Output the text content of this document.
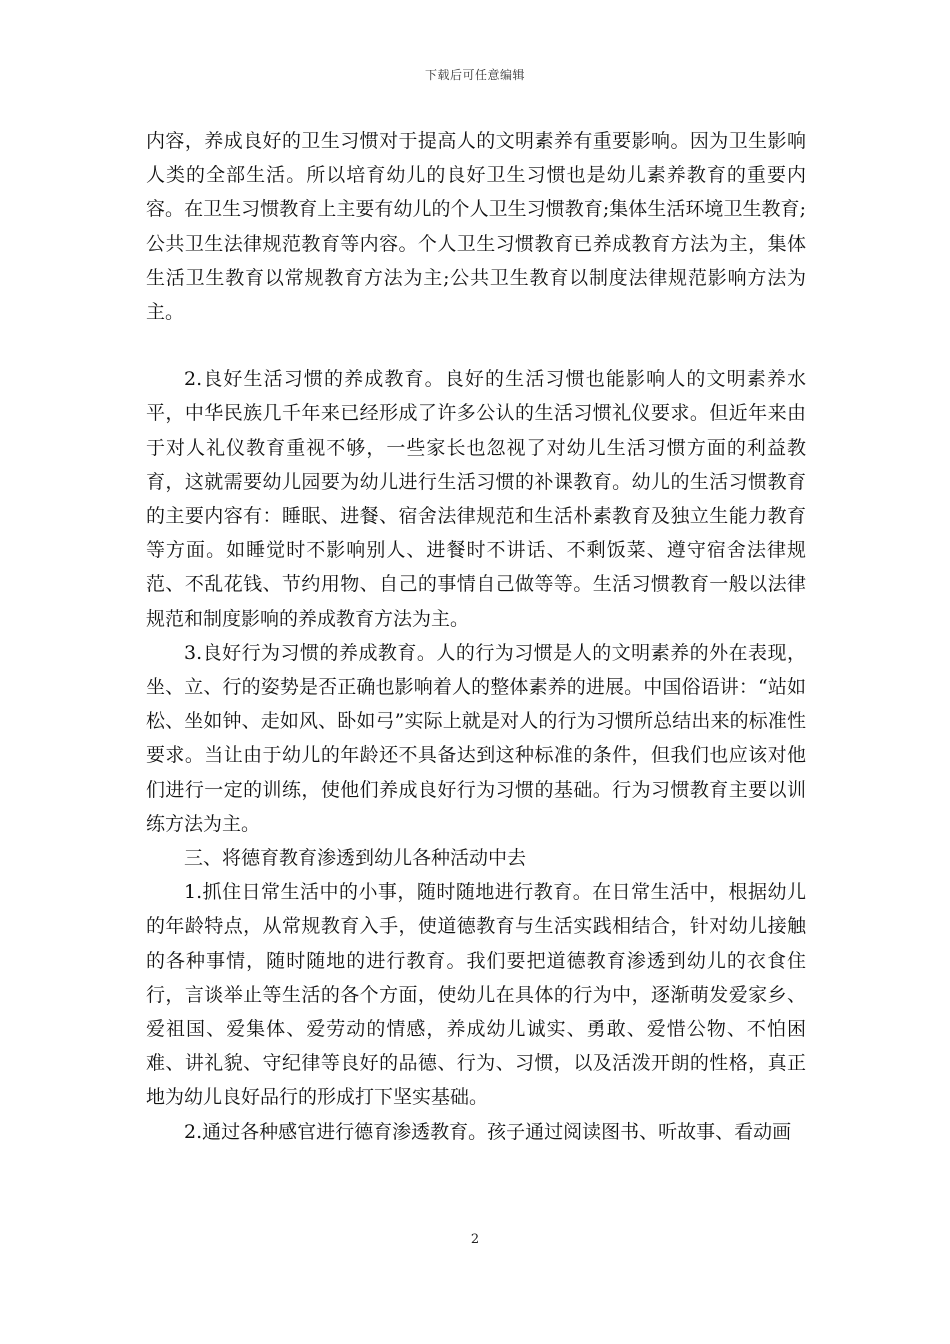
下载后可任意编辑

内容，养成良好的卫生习惯对于提高人的文明素养有重要影响。因为卫生影响人类的全部生活。所以培育幼儿的良好卫生习惯也是幼儿素养教育的重要内容。在卫生习惯教育上主要有幼儿的个人卫生习惯教育;集体生活环境卫生教育;公共卫生法律规范教育等内容。个人卫生习惯教育已养成教育方法为主，集体生活卫生教育以常规教育方法为主;公共卫生教育以制度法律规范影响方法为主。

2.良好生活习惯的养成教育。良好的生活习惯也能影响人的文明素养水平，中华民族几千年来已经形成了许多公认的生活习惯礼仪要求。但近年来由于对人礼仪教育重视不够，一些家长也忽视了对幼儿生活习惯方面的利益教育，这就需要幼儿园要为幼儿进行生活习惯的补课教育。幼儿的生活习惯教育的主要内容有：睡眠、进餐、宿舍法律规范和生活朴素教育及独立生能力教育等方面。如睡觉时不影响别人、进餐时不讲话、不剩饭菜、遵守宿舍法律规范、不乱花钱、节约用物、自己的事情自己做等等。生活习惯教育一般以法律规范和制度影响的养成教育方法为主。

3.良好行为习惯的养成教育。人的行为习惯是人的文明素养的外在表现，坐、立、行的姿势是否正确也影响着人的整体素养的进展。中国俗语讲：“站如松、坐如钟、走如风、卧如弓”实际上就是对人的行为习惯所总结出来的标准性要求。当让由于幼儿的年龄还不具备达到这种标准的条件，但我们也应该对他们进行一定的训练，使他们养成良好行为习惯的基础。行为习惯教育主要以训练方法为主。

三、将德育教育渗透到幼儿各种活动中去

1.抓住日常生活中的小事，随时随地进行教育。在日常生活中，根据幼儿的年龄特点，从常规教育入手，使道德教育与生活实践相结合，针对幼儿接触的各种事情，随时随地的进行教育。我们要把道德教育渗透到幼儿的衣食住行，言谈举止等生活的各个方面，使幼儿在具体的行为中，逐渐萌发爱家乡、爱祖国、爱集体、爱劳动的情感，养成幼儿诚实、勇敢、爱惜公物、不怕困难、讲礼貌、守纪律等良好的品德、行为、习惯，以及活泼开朗的性格，真正地为幼儿良好品行的形成打下坚实基础。

2.通过各种感官进行德育渗透教育。孩子通过阅读图书、听故事、看动画

2
